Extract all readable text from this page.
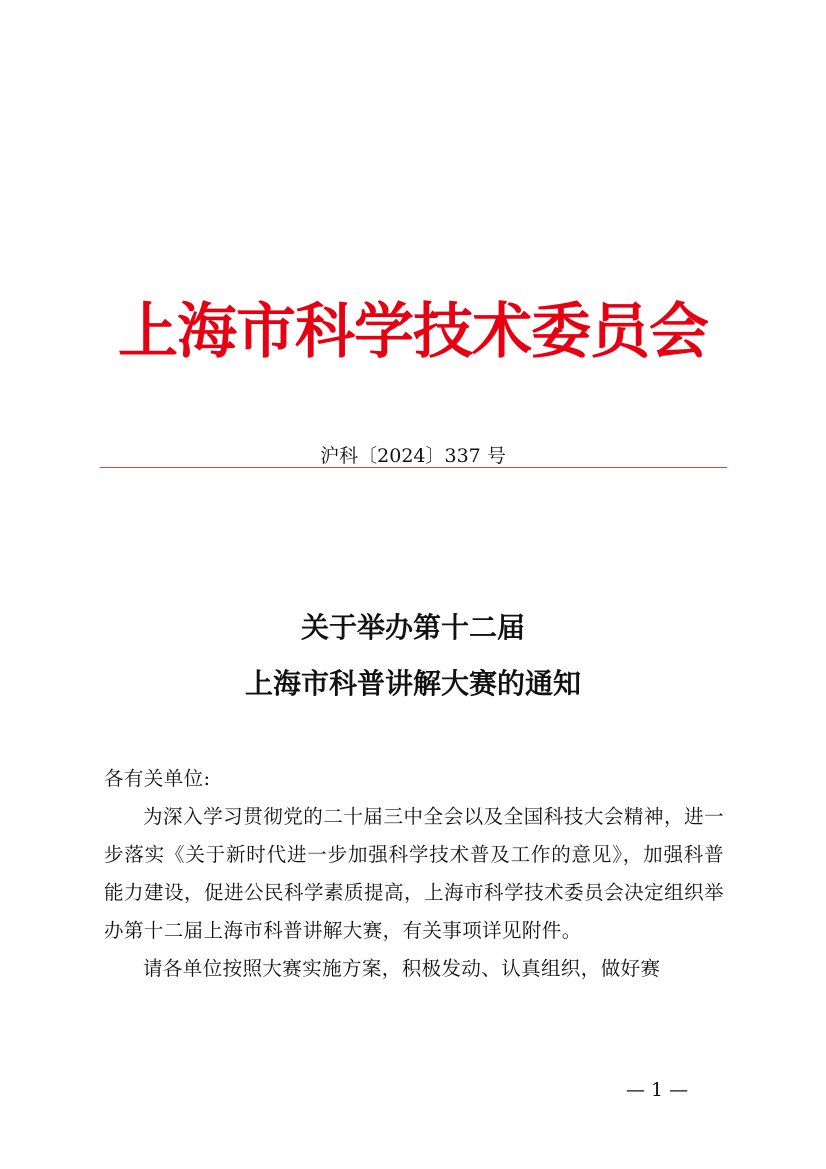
上海市科学技术委员会
沪科〔2024〕337 号
关于举办第十二届
上海市科普讲解大赛的通知

各有关单位:

为深入学习贯彻党的二十届三中全会以及全国科技大会精神，进一步落实《关于新时代进一步加强科学技术普及工作的意见》，加强科普能力建设，促进公民科学素质提高，上海市科学技术委员会决定组织举办第十二届上海市科普讲解大赛，有关事项详见附件。

请各单位按照大赛实施方案，积极发动、认真组织，做好赛

— 1 —
